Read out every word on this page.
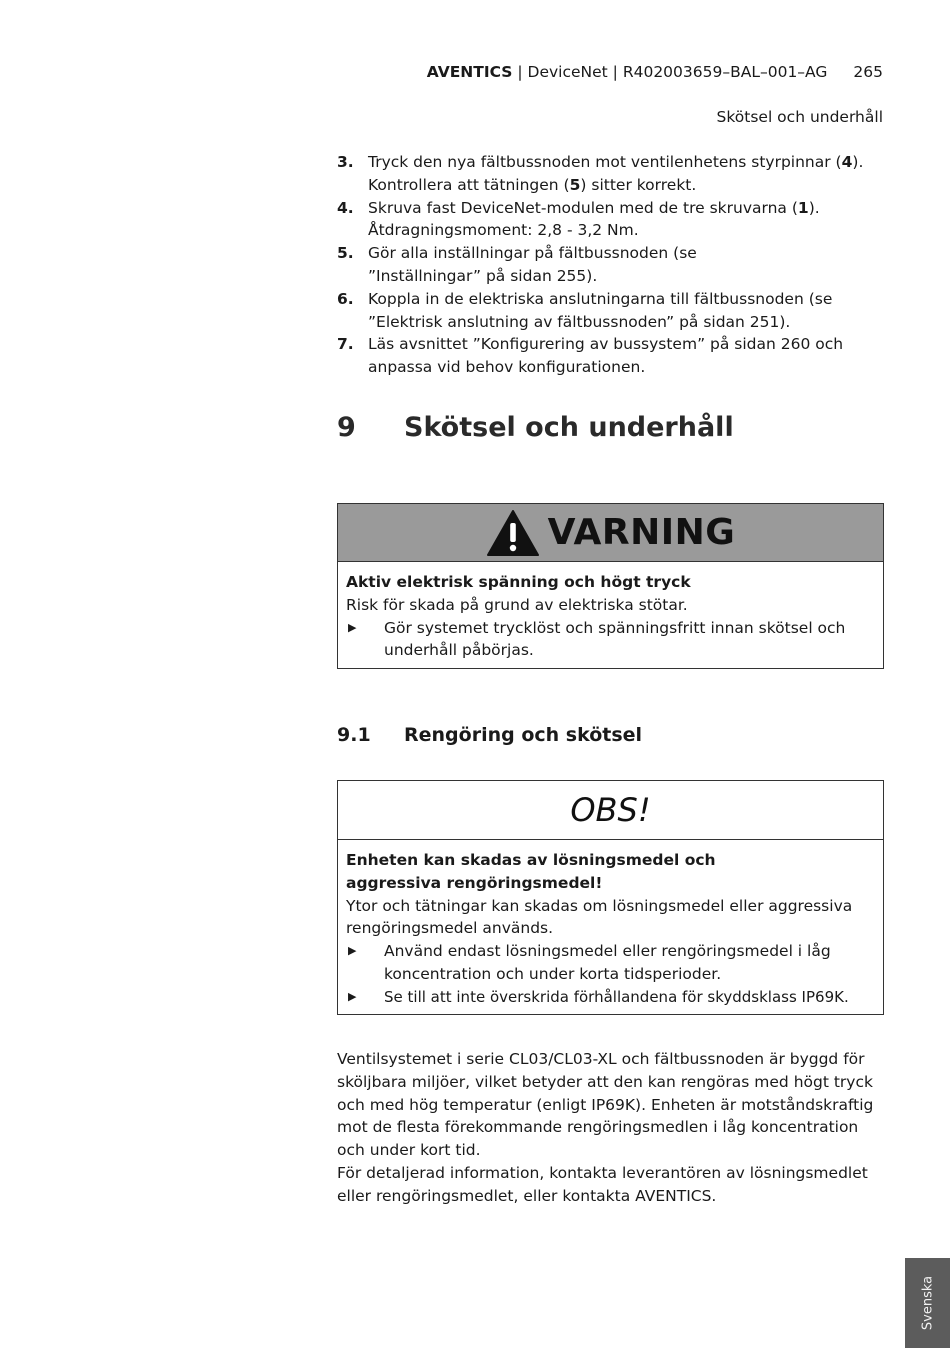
AVENTICS | DeviceNet | R402003659–BAL–001–AG 265
Skötsel och underhåll
3. Tryck den nya fältbussnoden mot ventilenhetens styrpinnar (4).
Kontrollera att tätningen (5) sitter korrekt.
4. Skruva fast DeviceNet-modulen med de tre skruvarna (1).
Åtdragningsmoment: 2,8 - 3,2 Nm.
5. Gör alla inställningar på fältbussnoden (se ”Inställningar” på sidan 255).
6. Koppla in de elektriska anslutningarna till fältbussnoden (se ”Elektrisk anslutning av fältbussnoden” på sidan 251).
7. Läs avsnittet ”Konfigurering av bussystem” på sidan 260 och anpassa vid behov konfigurationen.
9	Skötsel och underhåll
VARNING
Aktiv elektrisk spänning och högt tryck
Risk för skada på grund av elektriska stötar.
▶	Gör systemet trycklöst och spänningsfritt innan skötsel och underhåll påbörjas.
9.1	Rengöring och skötsel
OBS!
Enheten kan skadas av lösningsmedel och aggressiva rengöringsmedel!
Ytor och tätningar kan skadas om lösningsmedel eller aggressiva rengöringsmedel används.
▶	Använd endast lösningsmedel eller rengöringsmedel i låg koncentration och under korta tidsperioder.
▶	Se till att inte överskrida förhållandena för skyddsklass IP69K.
Ventilsystemet i serie CL03/CL03-XL och fältbussnoden är byggd för sköljbara miljöer, vilket betyder att den kan rengöras med högt tryck och med hög temperatur (enligt IP69K). Enheten är motståndskraftig mot de flesta förekommande rengöringsmedlen i låg koncentration och under kort tid.
För detaljerad information, kontakta leverantören av lösningsmedlet eller rengöringsmedlet, eller kontakta AVENTICS.
Svenska
